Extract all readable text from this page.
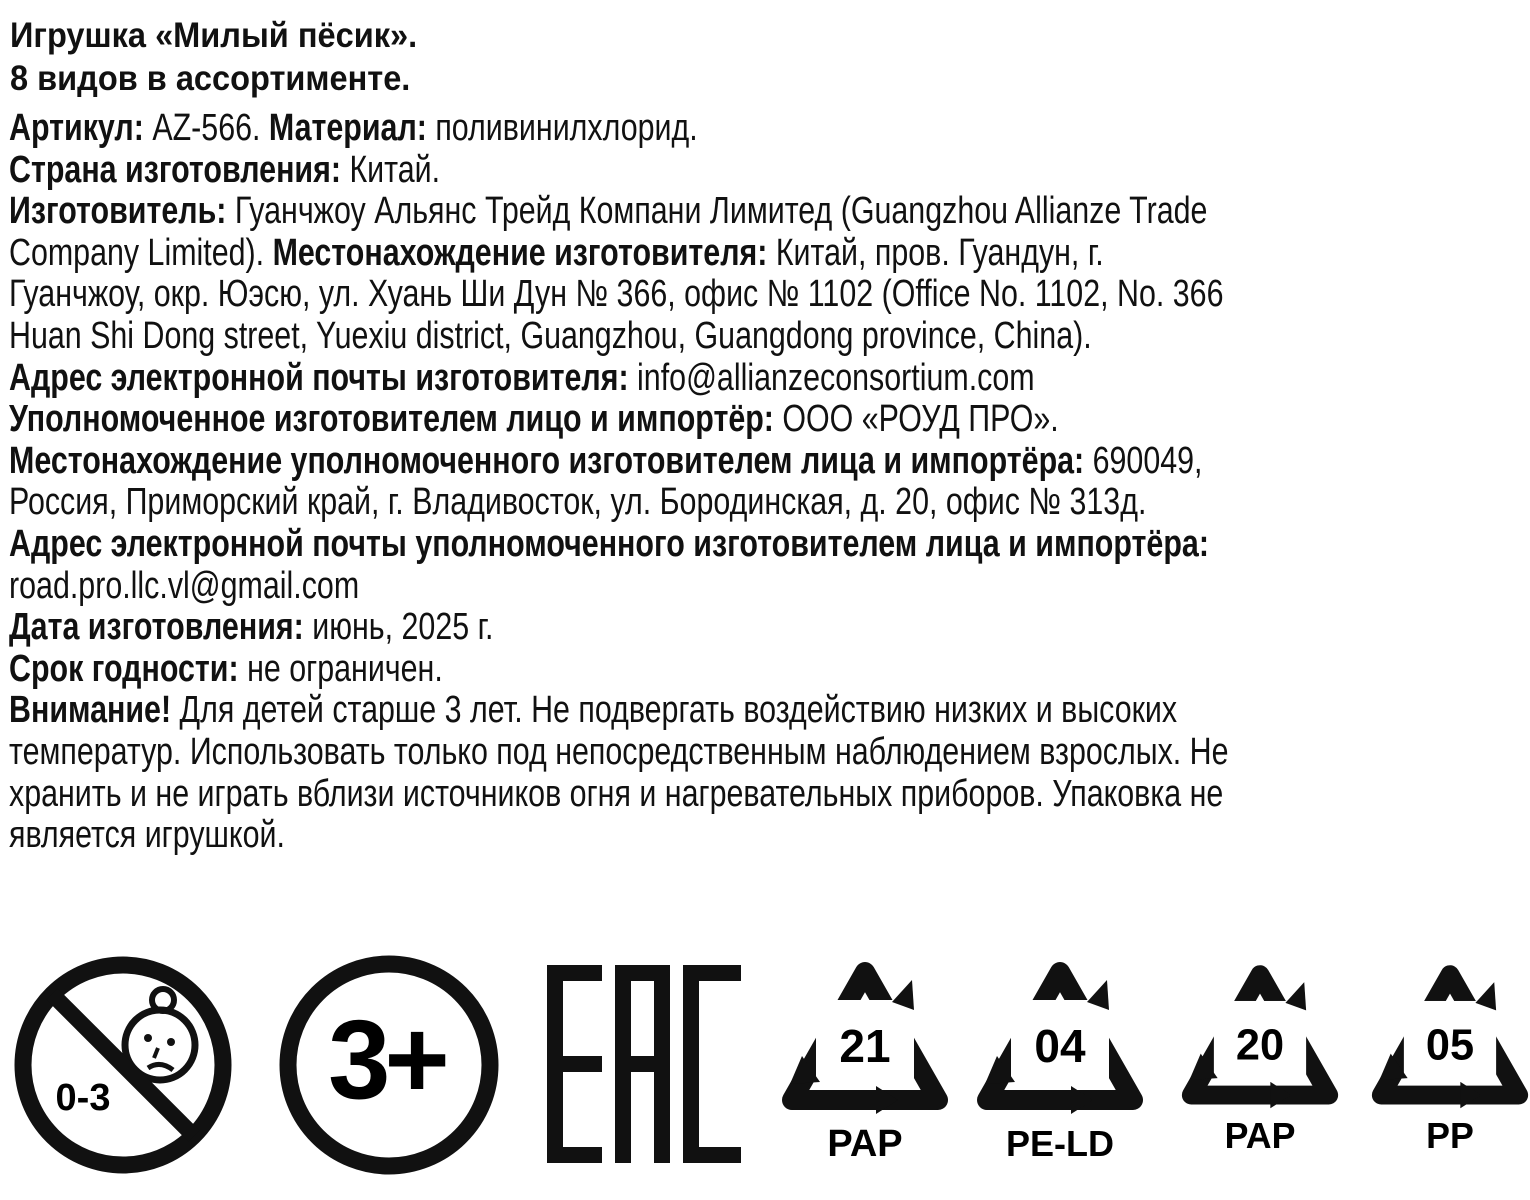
Игрушка «Милый пёсик».
8 видов в ассортименте.

Артикул: AZ-566. Материал: поливинилхлорид.

Страна изготовления: Китай.

Изготовитель: Гуанчжоу Альянс Трейд Компани Лимитед (Guangzhou Allianze Trade Company Limited). Местонахождение изготовителя: Китай, пров. Гуандун, г. Гуанчжоу, окр. Юэсю, ул. Хуань Ши Дун № 366, офис № 1102 (Office No. 1102, No. 366 Huan Shi Dong street, Yuexiu district, Guangzhou, Guangdong province, China).

Адрес электронной почты изготовителя: info@allianzeconsortium.com

Уполномоченное изготовителем лицо и импортёр: ООО «РОУД ПРО».

Местонахождение уполномоченного изготовителем лица и импортёра: 690049, Россия, Приморский край, г. Владивосток, ул. Бородинская, д. 20, офис № 313д.

Адрес электронной почты уполномоченного изготовителем лица и импортёра:
road.pro.llc.vl@gmail.com

Дата изготовления: июнь, 2025 г.

Срок годности: не ограничен.

Внимание! Для детей старше 3 лет. Не подвергать воздействию низких и высоких температур. Использовать только под непосредственным наблюдением взрослых. Не хранить и не играть вблизи источников огня и нагревательных приборов. Упаковка не является игрушкой.

0-3 3+	21
PAP
04
PE-LD
20
PAP
05
PP
